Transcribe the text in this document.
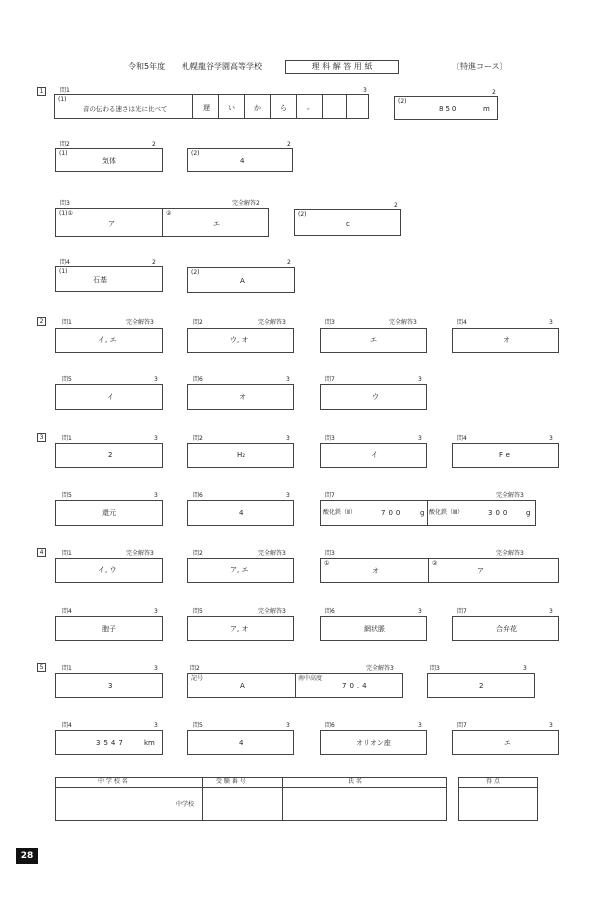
令和5年度 札幌龍谷学園高等学校	理 科 解 答 用 紙	〔特進コース〕
1	問1	3
(1)
音の伝わる速さは光に比べて	遅	い	か	ら	。
2
(2)
850	m
問2	2
(1)
気体
2
(2)
4
問3	完全解答2
(1)①
ア
②
エ
2
(2)
c
問4	2
(1)
石基
2
(2)
A
2	問1	完全解答3
イ, エ
問2	完全解答3
ウ, オ
問3	完全解答3
エ
問4	3
オ
問5	3
イ
問6	3
オ
問7	3
ウ
3	問1	3
2
問2	3
H₂
問3	3
イ
問4	3
Fe
問5	3
還元
問6	3
4
問7	完全解答3
酸化鉄（Ⅱ）	700 g 酸化鉄（Ⅲ）	300 g
4	問1	完全解答3
イ, ウ
問2	完全解答3
ア, エ
問3	完全解答3
①
オ
②
ア
問4	3
胞子
問5	完全解答3
ア, オ
問6	3
網状脈
問7	3
合弁花
5	問1	3
3
問2	完全解答3
記号
A
南中高度
70.4
問3	3
2
問4	3
3547	km
問5	3
4
問6	3
オリオン座
問7	3
エ
中 学 校 名	受 験 番 号	氏 名
中学校
得 点
28
